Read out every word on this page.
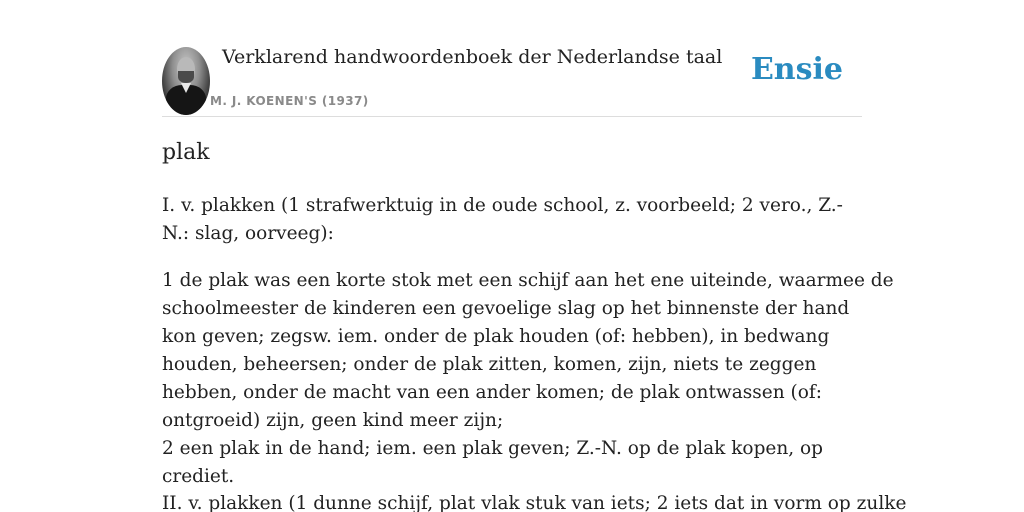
Verklarend handwoordenboek der Nederlandse taal
M. J. KOENEN'S (1937)
Ensie
plak

I. v. plakken (1 strafwerktuig in de oude school, z. voorbeeld; 2 vero., Z.-N.: slag, oorveeg):

1 de plak was een korte stok met een schijf aan het ene uiteinde, waarmee de

schoolmeester de kinderen een gevoelige slag op het binnenste der hand kon geven; zegsw. iem. onder de plak houden (of: hebben), in bedwang houden, beheersen; onder de plak zitten, komen, zijn, niets te zeggen hebben, onder de macht van een ander komen; de plak ontwassen (of: ontgroeid) zijn, geen kind meer zijn;

2 een plak in de hand; iem. een plak geven; Z.-N. op de plak kopen, op crediet.

II. v. plakken (1 dunne schijf, plat vlak stuk van iets; 2 iets dat in vorm op zulke
